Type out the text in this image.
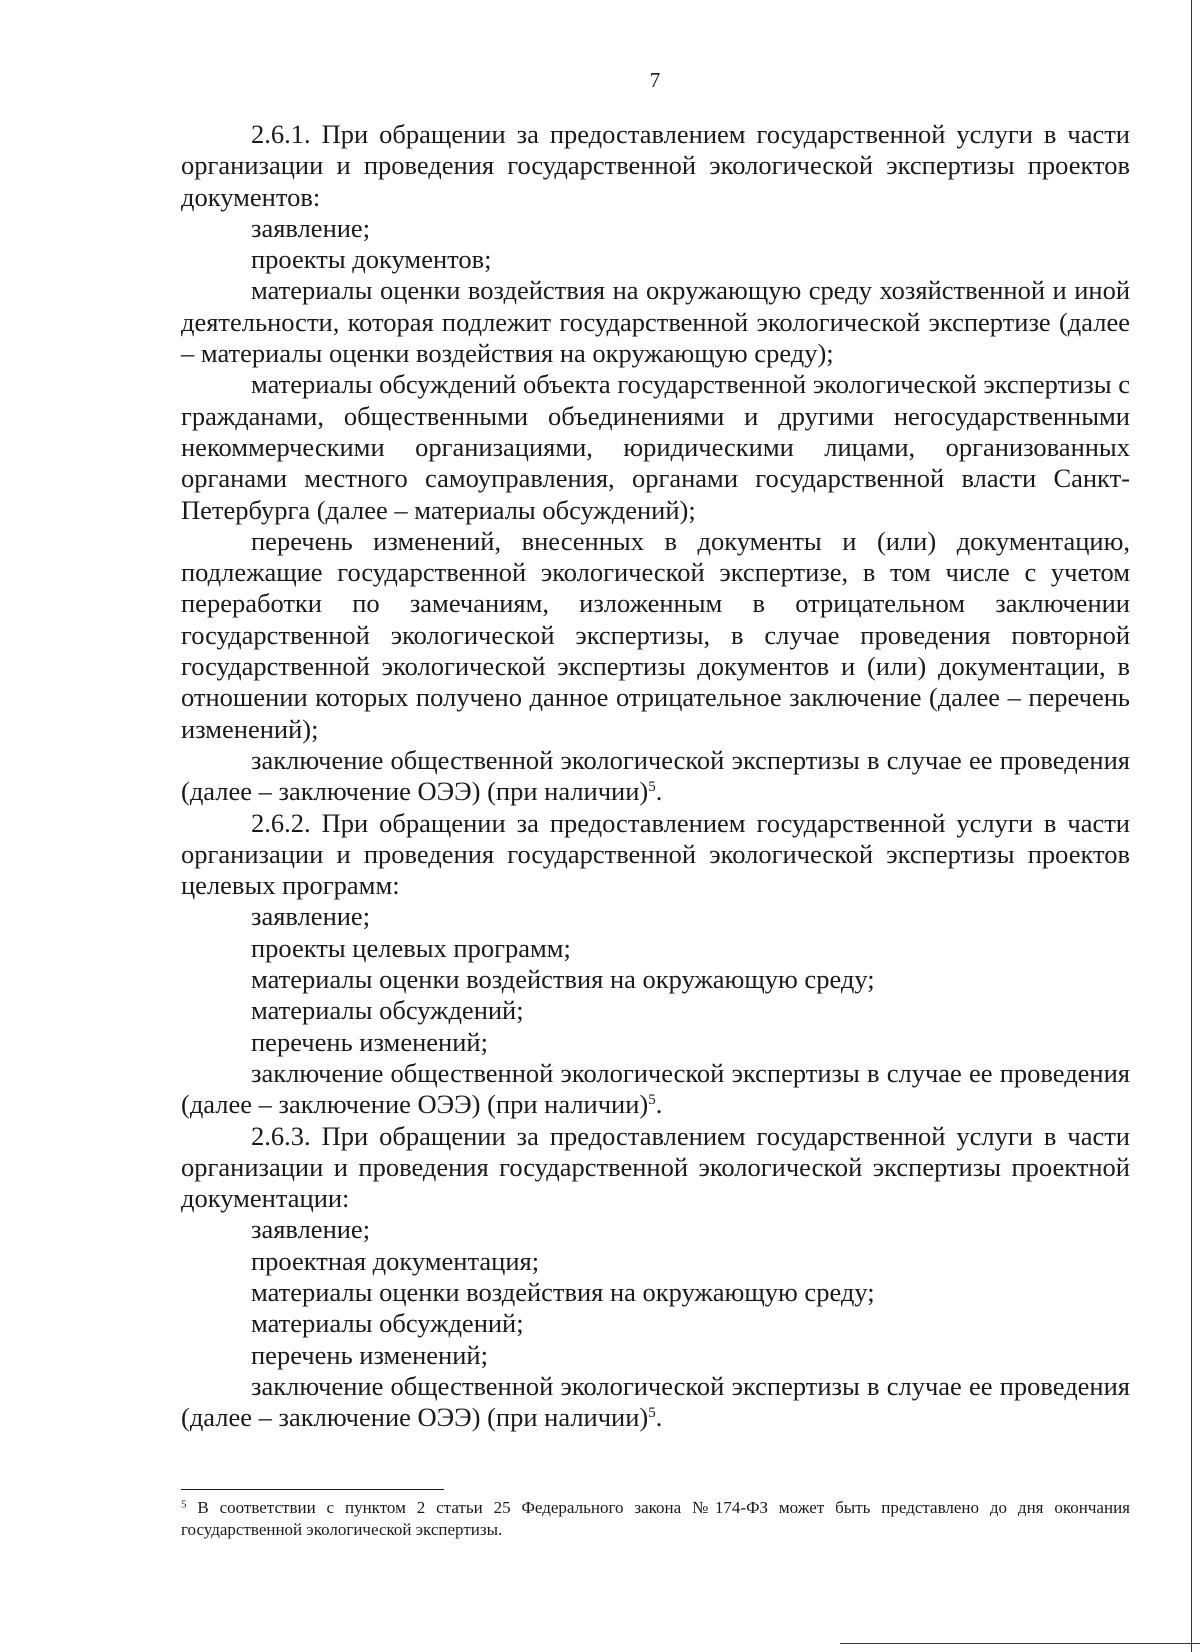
7

2.6.1. При обращении за предоставлением государственной услуги в части организации и проведения государственной экологической экспертизы проектов документов:

заявление;

проекты документов;

материалы оценки воздействия на окружающую среду хозяйственной и иной деятельности, которая подлежит государственной экологической экспертизе (далее – материалы оценки воздействия на окружающую среду);

материалы обсуждений объекта государственной экологической экспертизы с гражданами, общественными объединениями и другими негосударственными некоммерческими организациями, юридическими лицами, организованных органами местного самоуправления, органами государственной власти Санкт-Петербурга (далее – материалы обсуждений);

перечень изменений, внесенных в документы и (или) документацию, подлежащие государственной экологической экспертизе, в том числе с учетом переработки по замечаниям, изложенным в отрицательном заключении государственной экологической экспертизы, в случае проведения повторной государственной экологической экспертизы документов и (или) документации, в отношении которых получено данное отрицательное заключение (далее – перечень изменений);

заключение общественной экологической экспертизы в случае ее проведения (далее – заключение ОЭЭ) (при наличии)$^5$.

2.6.2. При обращении за предоставлением государственной услуги в части организации и проведения государственной экологической экспертизы проектов целевых программ:

заявление;

проекты целевых программ;

материалы оценки воздействия на окружающую среду;

материалы обсуждений;

перечень изменений;

заключение общественной экологической экспертизы в случае ее проведения (далее – заключение ОЭЭ) (при наличии)$^5$.

2.6.3. При обращении за предоставлением государственной услуги в части организации и проведения государственной экологической экспертизы проектной документации:

заявление;

проектная документация;

материалы оценки воздействия на окружающую среду;

материалы обсуждений;

перечень изменений;

заключение общественной экологической экспертизы в случае ее проведения (далее – заключение ОЭЭ) (при наличии)$^5$.

$^5$ В соответствии с пунктом 2 статьи 25 Федерального закона №174-ФЗ может быть представлено до дня окончания государственной экологической экспертизы.
